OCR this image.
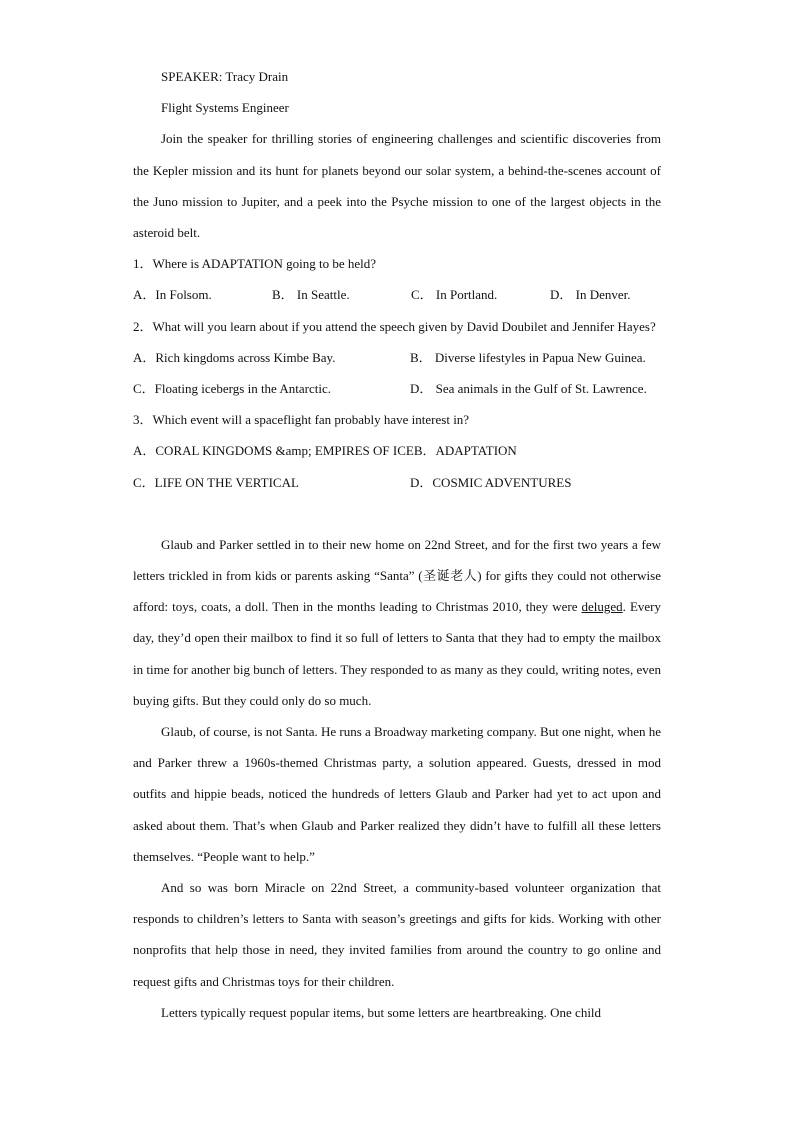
SPEAKER: Tracy Drain

Flight Systems Engineer

Join the speaker for thrilling stories of engineering challenges and scientific discoveries from the Kepler mission and its hunt for planets beyond our solar system, a behind-the-scenes account of the Juno mission to Jupiter, and a peek into the Psyche mission to one of the largest objects in the asteroid belt.

1．Where is ADAPTATION going to be held?

A．In Folsom.	B． In Seattle.	C． In Portland.	D． In Denver.

2．What will you learn about if you attend the speech given by David Doubilet and Jennifer Hayes?

A．Rich kingdoms across Kimbe Bay.	B． Diverse lifestyles in Papua New Guinea.
C．Floating icebergs in the Antarctic.	D． Sea animals in the Gulf of St. Lawrence.

3．Which event will a spaceflight fan probably have interest in?

A．CORAL KINGDOMS &amp; EMPIRES OF ICE B．ADAPTATION
C．LIFE ON THE VERTICAL	D．COSMIC ADVENTURES

Glaub and Parker settled in to their new home on 22nd Street, and for the first two years a few letters trickled in from kids or parents asking “Santa” (圣诞老人) for gifts they could not otherwise afford: toys, coats, a doll. Then in the months leading to Christmas 2010, they were deluged. Every day, they’d open their mailbox to find it so full of letters to Santa that they had to empty the mailbox in time for another big bunch of letters. They responded to as many as they could, writing notes, even buying gifts. But they could only do so much.

Glaub, of course, is not Santa. He runs a Broadway marketing company. But one night, when he and Parker threw a 1960s-themed Christmas party, a solution appeared. Guests, dressed in mod outfits and hippie beads, noticed the hundreds of letters Glaub and Parker had yet to act upon and asked about them. That’s when Glaub and Parker realized they didn’t have to fulfill all these letters themselves. “People want to help.”

And so was born Miracle on 22nd Street, a community-based volunteer organization that responds to children’s letters to Santa with season’s greetings and gifts for kids. Working with other nonprofits that help those in need, they invited families from around the country to go online and request gifts and Christmas toys for their children.

Letters typically request popular items, but some letters are heartbreaking. One child
